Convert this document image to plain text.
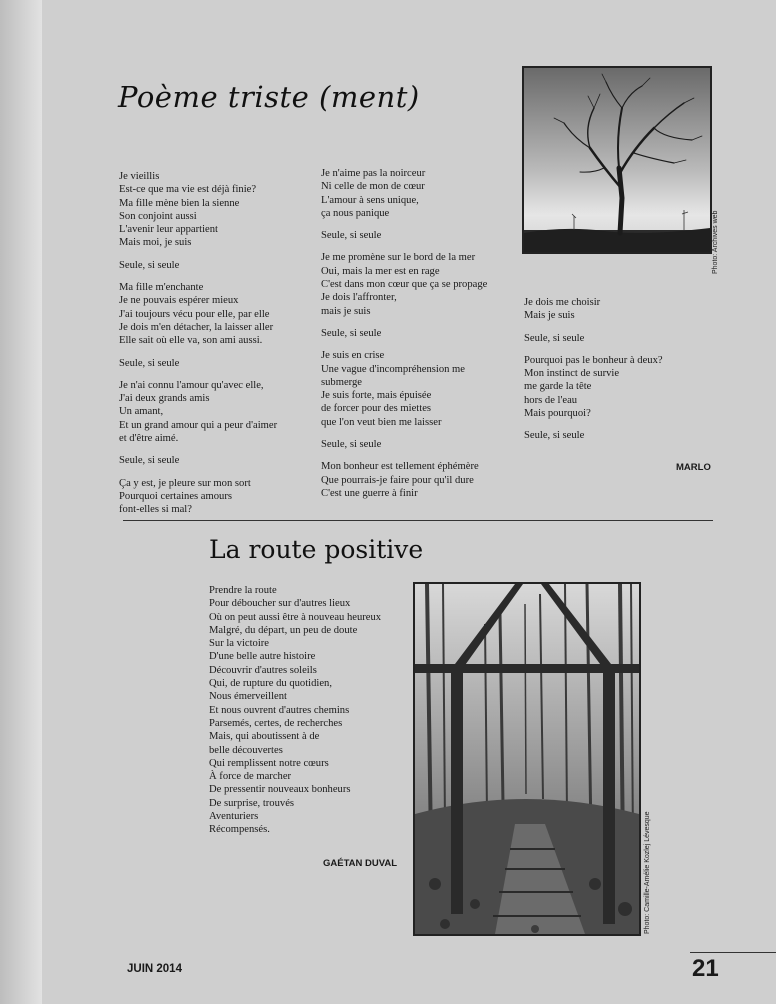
Poème triste (ment)

Je vieillis
Est-ce que ma vie est déjà finie?
Ma fille mène bien la sienne
Son conjoint aussi
L'avenir leur appartient
Mais moi, je suis

Seule, si seule

Ma fille m'enchante
Je ne pouvais espérer mieux
J'ai toujours vécu pour elle, par elle
Je dois m'en détacher, la laisser aller
Elle sait où elle va, son ami aussi.

Seule, si seule

Je n'ai connu l'amour qu'avec elle,
J'ai deux grands amis
Un amant,
Et un grand amour qui a peur d'aimer
et d'être aimé.

Seule, si seule

Ça y est, je pleure sur mon sort
Pourquoi certaines amours
font-elles si mal?

Je n'aime pas la noirceur
Ni celle de mon de cœur
L'amour à sens unique,
ça nous panique

Seule, si seule

Je me promène sur le bord de la mer
Oui, mais la mer est en rage
C'est dans mon cœur que ça se propage
Je dois l'affronter,
mais je suis

Seule, si seule

Je suis en crise
Une vague d'incompréhension me
submerge
Je suis forte, mais épuisée
de forcer pour des miettes
que l'on veut bien me laisser

Seule, si seule

Mon bonheur est tellement éphémère
Que pourrais-je faire pour qu'il dure
C'est une guerre à finir

Je dois me choisir
Mais je suis

Seule, si seule

Pourquoi pas le bonheur à deux?
Mon instinct de survie
me garde la tête
hors de l'eau
Mais pourquoi?

Seule, si seule

Photo: Archives web
MARLO
La route positive
Prendre la route
Pour déboucher sur d'autres lieux
Où on peut aussi être à nouveau heureux
Malgré, du départ, un peu de doute
Sur la victoire
D'une belle autre histoire
Découvrir d'autres soleils
Qui, de rupture du quotidien,
Nous émerveillent
Et nous ouvrent d'autres chemins
Parsemés, certes, de recherches
Mais, qui aboutissent à de
belle découvertes
Qui remplissent notre cœurs
À force de marcher
De pressentir nouveaux bonheurs
De surprise, trouvés
Aventuriers
Récompensés.
GAÉTAN DUVAL	Photo: Camille-Amélie Kozlej Lévesque
JUIN 2014	21
